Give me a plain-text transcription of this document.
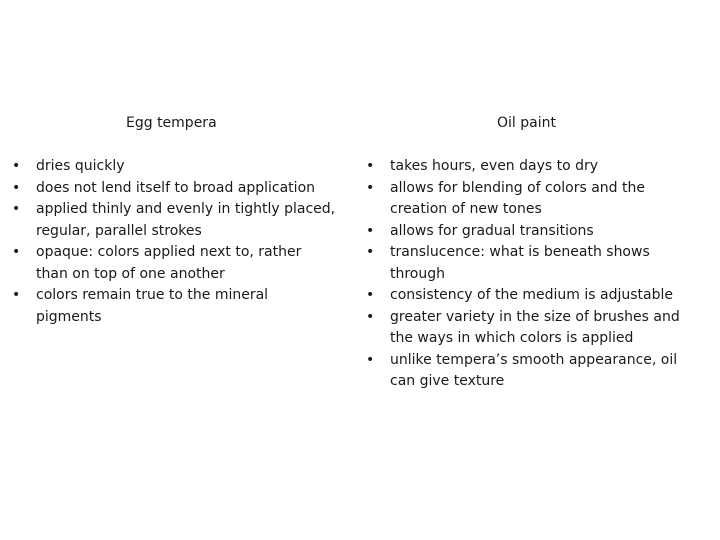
Egg tempera
• dries quickly
• does not lend itself to broad application
• applied thinly and evenly in tightly placed, regular, parallel strokes
• opaque: colors applied next to, rather than on top of one another
• colors remain true to the mineral pigments
Oil paint
• takes hours, even days to dry
• allows for blending of colors and the creation of new tones
• allows for gradual transitions
• translucence: what is beneath shows through
• consistency of the medium is adjustable
• greater variety in the size of brushes and the ways in which colors is applied
• unlike tempera’s smooth appearance, oil can give texture
